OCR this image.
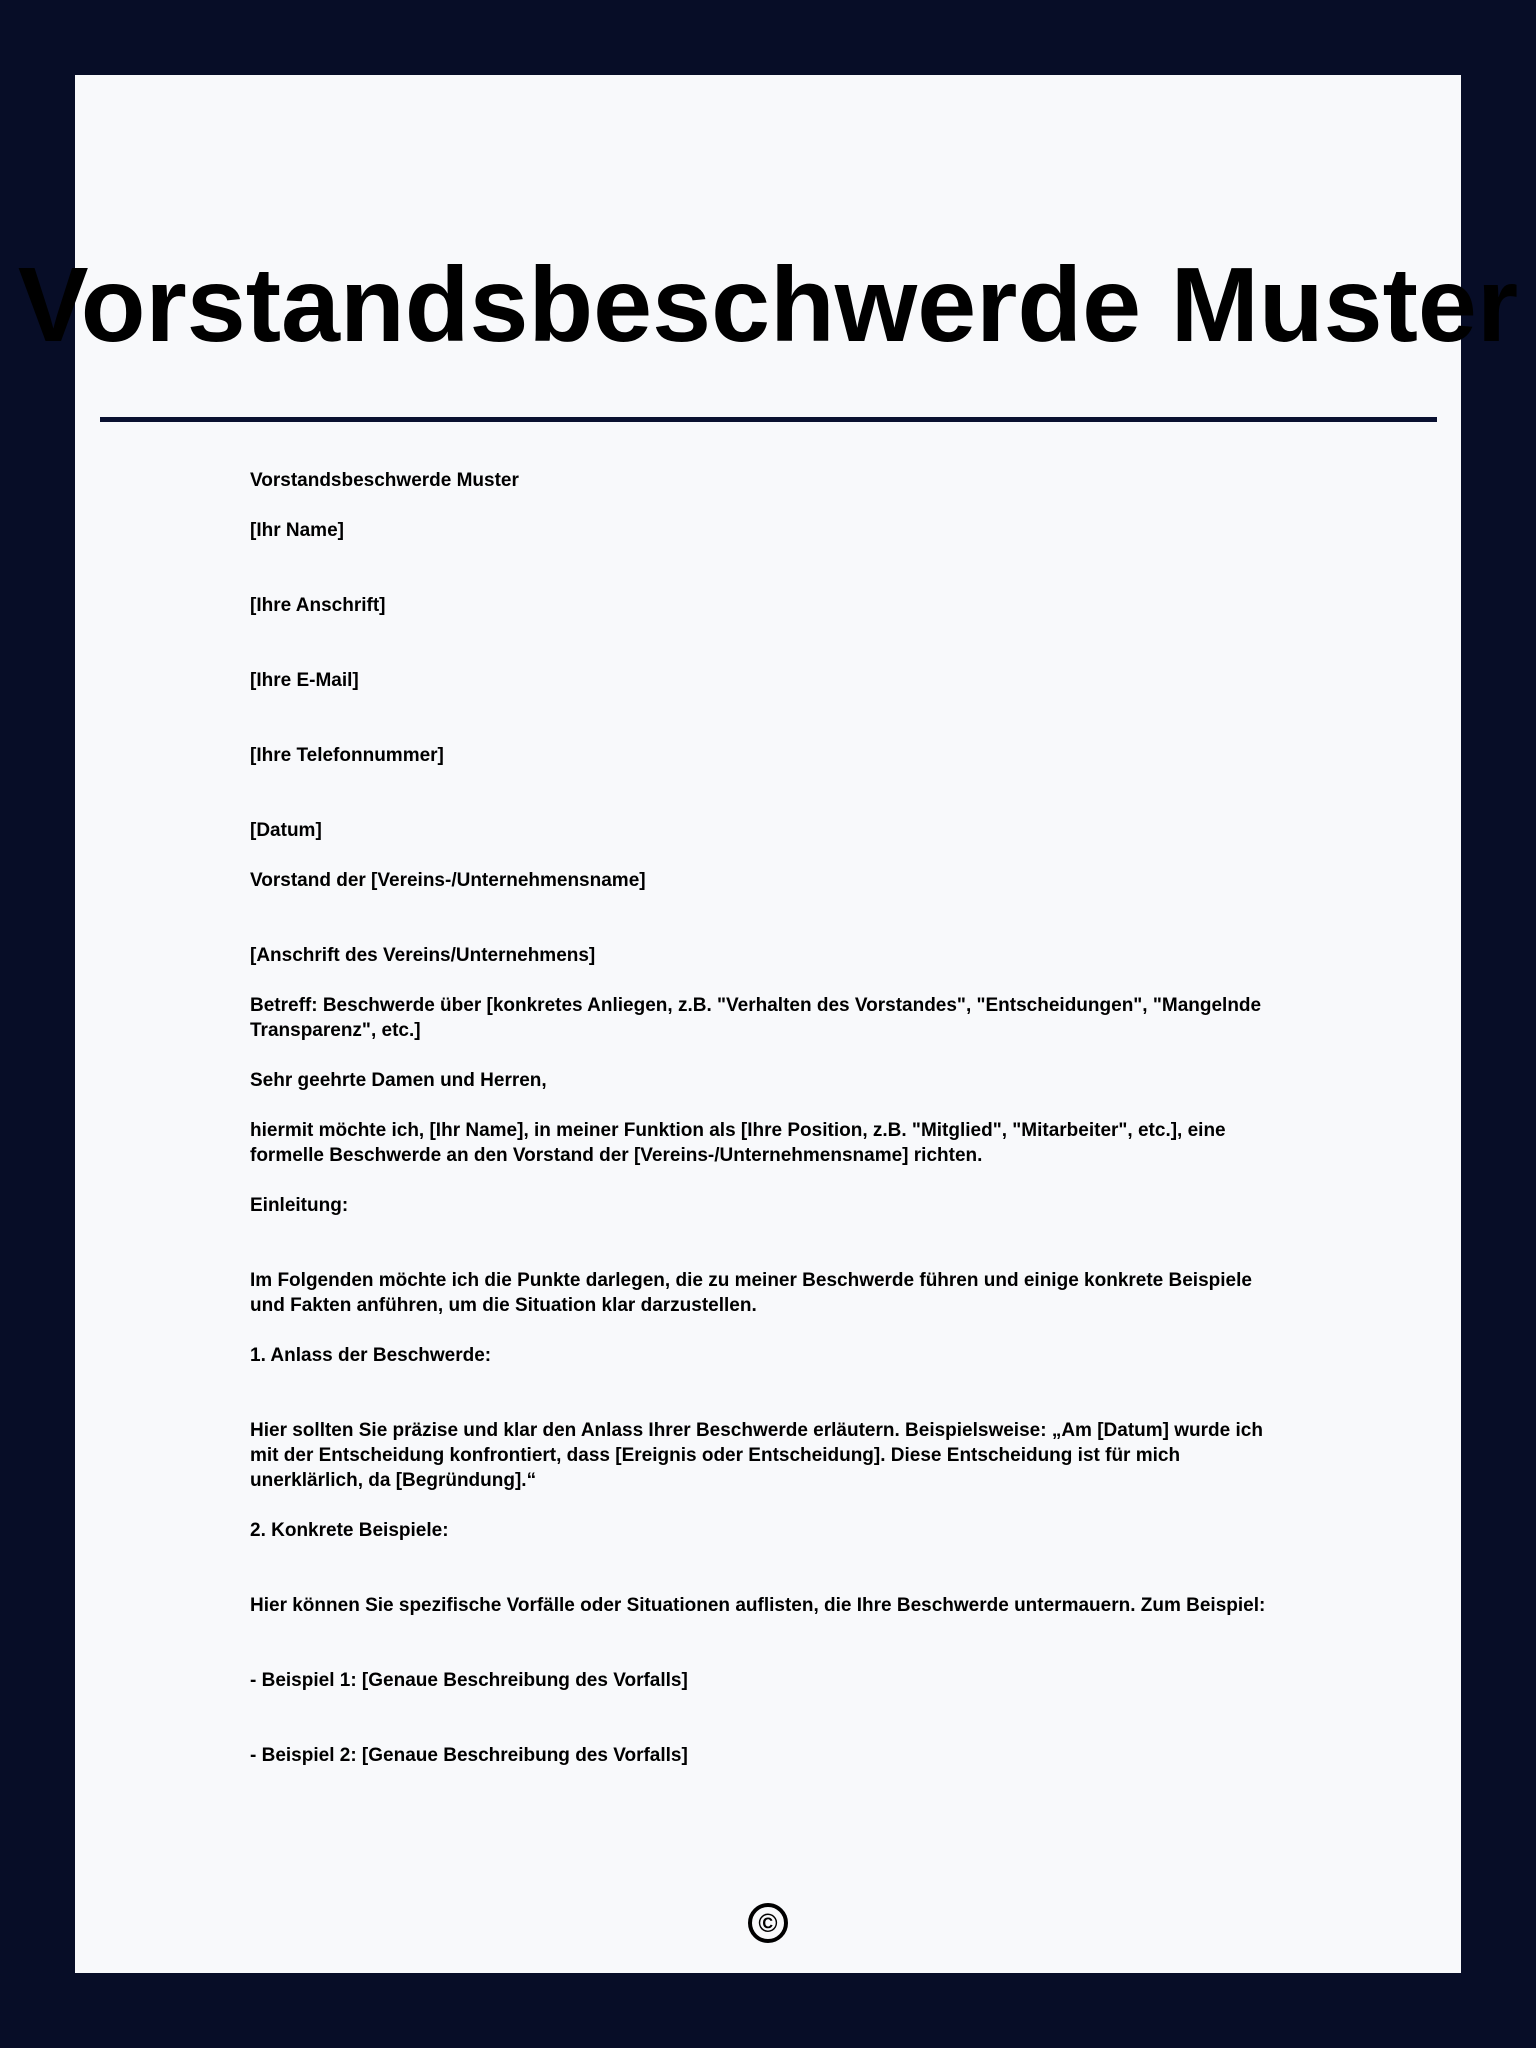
Vorstandsbeschwerde Muster

Vorstandsbeschwerde Muster

[Ihr Name]

[Ihre Anschrift]

[Ihre E-Mail]

[Ihre Telefonnummer]

[Datum]

Vorstand der [Vereins-/Unternehmensname]

[Anschrift des Vereins/Unternehmens]

Betreff: Beschwerde über [konkretes Anliegen, z.B. "Verhalten des Vorstandes", "Entscheidungen", "Mangelnde Transparenz", etc.]

Sehr geehrte Damen und Herren,

hiermit möchte ich, [Ihr Name], in meiner Funktion als [Ihre Position, z.B. "Mitglied", "Mitarbeiter", etc.], eine formelle Beschwerde an den Vorstand der [Vereins-/Unternehmensname] richten.

Einleitung:

Im Folgenden möchte ich die Punkte darlegen, die zu meiner Beschwerde führen und einige konkrete Beispiele und Fakten anführen, um die Situation klar darzustellen.

1. Anlass der Beschwerde:

Hier sollten Sie präzise und klar den Anlass Ihrer Beschwerde erläutern. Beispielsweise: „Am [Datum] wurde ich mit der Entscheidung konfrontiert, dass [Ereignis oder Entscheidung]. Diese Entscheidung ist für mich unerklärlich, da [Begründung].“

2. Konkrete Beispiele:

Hier können Sie spezifische Vorfälle oder Situationen auflisten, die Ihre Beschwerde untermauern. Zum Beispiel:

- Beispiel 1: [Genaue Beschreibung des Vorfalls]

- Beispiel 2: [Genaue Beschreibung des Vorfalls]

©
